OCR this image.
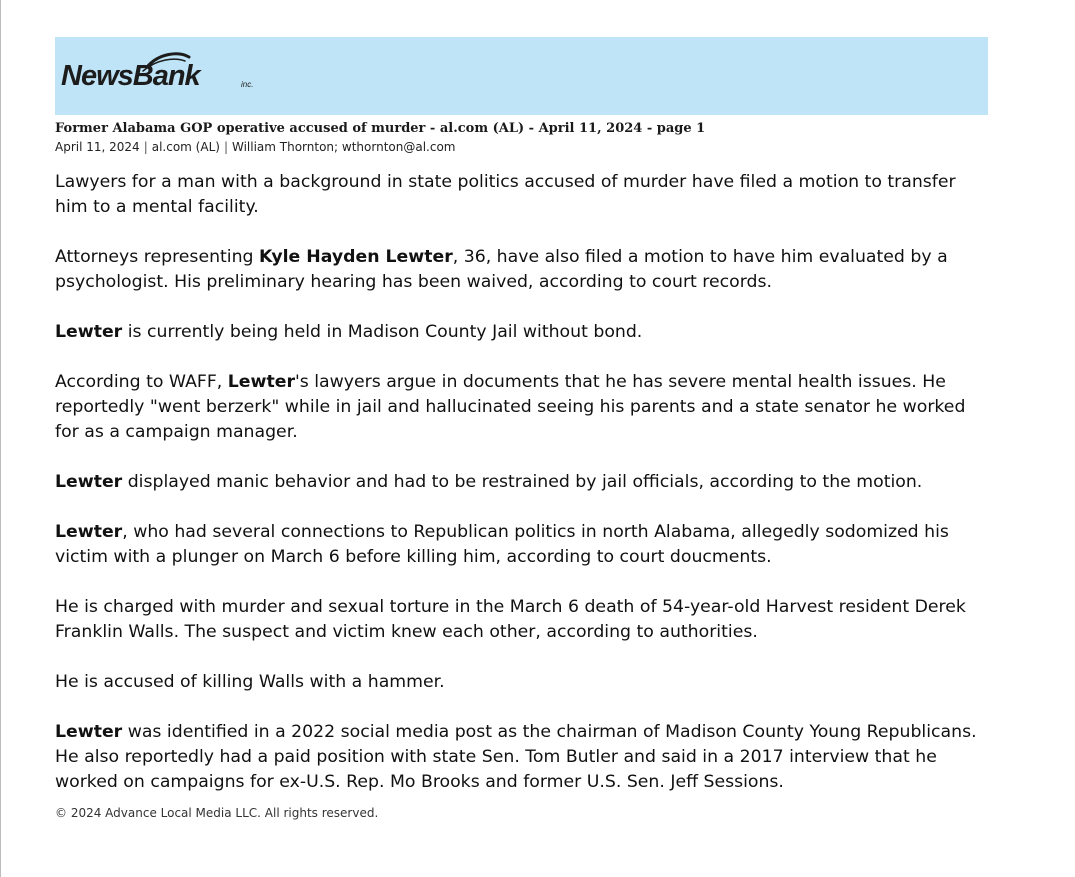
NewsBank	inc.
Former Alabama GOP operative accused of murder - al.com (AL) - April 11, 2024 - page 1
April 11, 2024 | al.com (AL) | William Thornton; wthornton@al.com

Lawyers for a man with a background in state politics accused of murder have filed a motion to transfer him to a mental facility.

Attorneys representing Kyle Hayden Lewter, 36, have also filed a motion to have him evaluated by a psychologist. His preliminary hearing has been waived, according to court records.

Lewter is currently being held in Madison County Jail without bond.

According to WAFF, Lewter's lawyers argue in documents that he has severe mental health issues. He reportedly "went berzerk" while in jail and hallucinated seeing his parents and a state senator he worked for as a campaign manager.

Lewter displayed manic behavior and had to be restrained by jail officials, according to the motion.

Lewter, who had several connections to Republican politics in north Alabama, allegedly sodomized his victim with a plunger on March 6 before killing him, according to court doucments.

He is charged with murder and sexual torture in the March 6 death of 54-year-old Harvest resident Derek Franklin Walls. The suspect and victim knew each other, according to authorities.

He is accused of killing Walls with a hammer.

Lewter was identified in a 2022 social media post as the chairman of Madison County Young Republicans. He also reportedly had a paid position with state Sen. Tom Butler and said in a 2017 interview that he worked on campaigns for ex-U.S. Rep. Mo Brooks and former U.S. Sen. Jeff Sessions.

© 2024 Advance Local Media LLC. All rights reserved.
